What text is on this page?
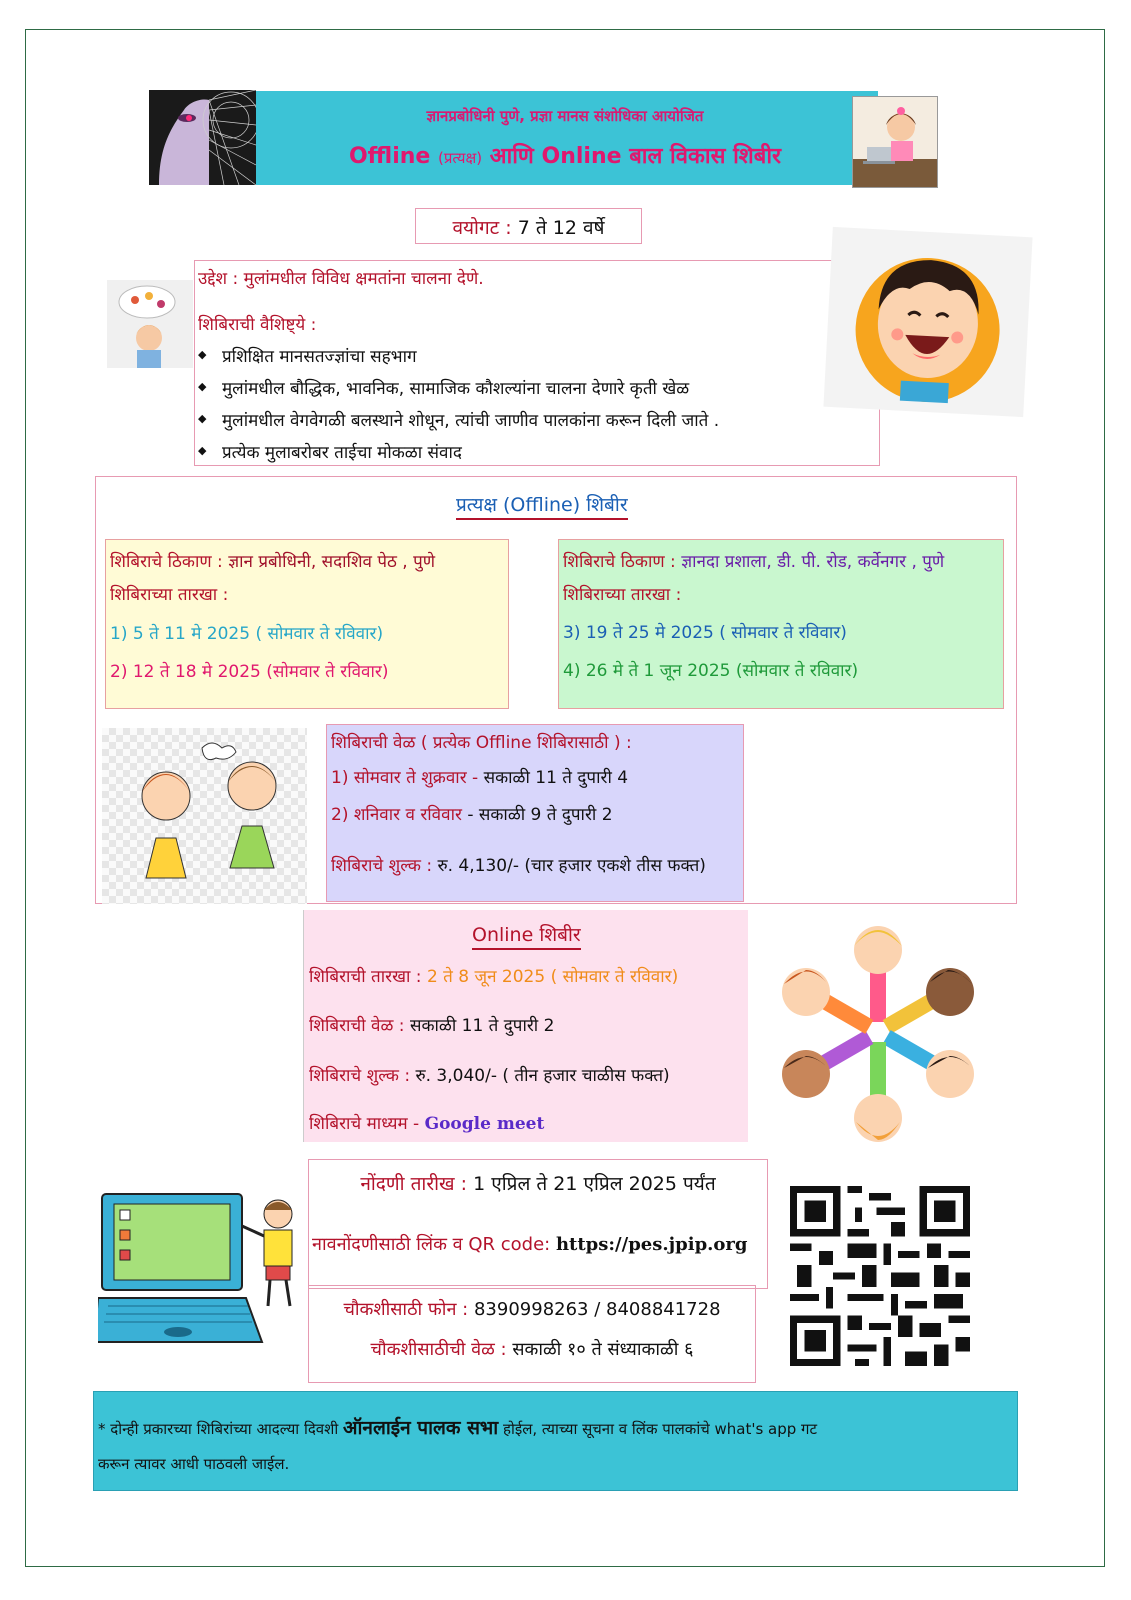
ज्ञानप्रबोधिनी पुणे, प्रज्ञा मानस संशोधिका आयोजित
Offline (प्रत्यक्ष) आणि Online बाल विकास शिबीर
वयोगट : 7 ते 12 वर्षे
उद्देश : मुलांमधील विविध क्षमतांना चालना देणे.
शिबिराची वैशिष्ट्ये :
◆ प्रशिक्षित मानसतज्ज्ञांचा सहभाग
◆ मुलांमधील बौद्धिक, भावनिक, सामाजिक कौशल्यांना चालना देणारे कृती खेळ
◆ मुलांमधील वेगवेगळी बलस्थाने शोधून, त्यांची जाणीव पालकांना करून दिली जाते .
◆ प्रत्येक मुलाबरोबर ताईचा मोकळा संवाद
प्रत्यक्ष (Offline) शिबीर
शिबिराचे ठिकाण : ज्ञान प्रबोधिनी, सदाशिव पेठ , पुणे
शिबिराच्या तारखा :
1) 5 ते 11 मे 2025 ( सोमवार ते रविवार)
2) 12 ते 18 मे 2025 (सोमवार ते रविवार)
शिबिराचे ठिकाण : ज्ञानदा प्रशाला, डी. पी. रोड, कर्वेनगर , पुणे
शिबिराच्या तारखा :
3) 19 ते 25 मे 2025 ( सोमवार ते रविवार)
4) 26 मे ते 1 जून 2025 (सोमवार ते रविवार)
शिबिराची वेळ ( प्रत्येक Offline शिबिरासाठी ) :
1) सोमवार ते शुक्रवार - सकाळी 11 ते दुपारी 4
2) शनिवार व रविवार - सकाळी 9 ते दुपारी 2
शिबिराचे शुल्क : रु. 4,130/- (चार हजार एकशे तीस फक्त)
Online शिबीर
शिबिराची तारखा : 2 ते 8 जून 2025 ( सोमवार ते रविवार)
शिबिराची वेळ : सकाळी 11 ते दुपारी 2
शिबिराचे शुल्क : रु. 3,040/- ( तीन हजार चाळीस फक्त)
शिबिराचे माध्यम - Google meet
नोंदणी तारीख : 1 एप्रिल ते 21 एप्रिल 2025 पर्यंत
नावनोंदणीसाठी लिंक व QR code: https://pes.jpip.org
चौकशीसाठी फोन : 8390998263 / 8408841728
चौकशीसाठीची वेळ : सकाळी १० ते संध्याकाळी ६
* दोन्ही प्रकारच्या शिबिरांच्या आदल्या दिवशी ऑनलाईन पालक सभा होईल, त्याच्या सूचना व लिंक पालकांचे what's app गट
करून त्यावर आधी पाठवली जाईल.
